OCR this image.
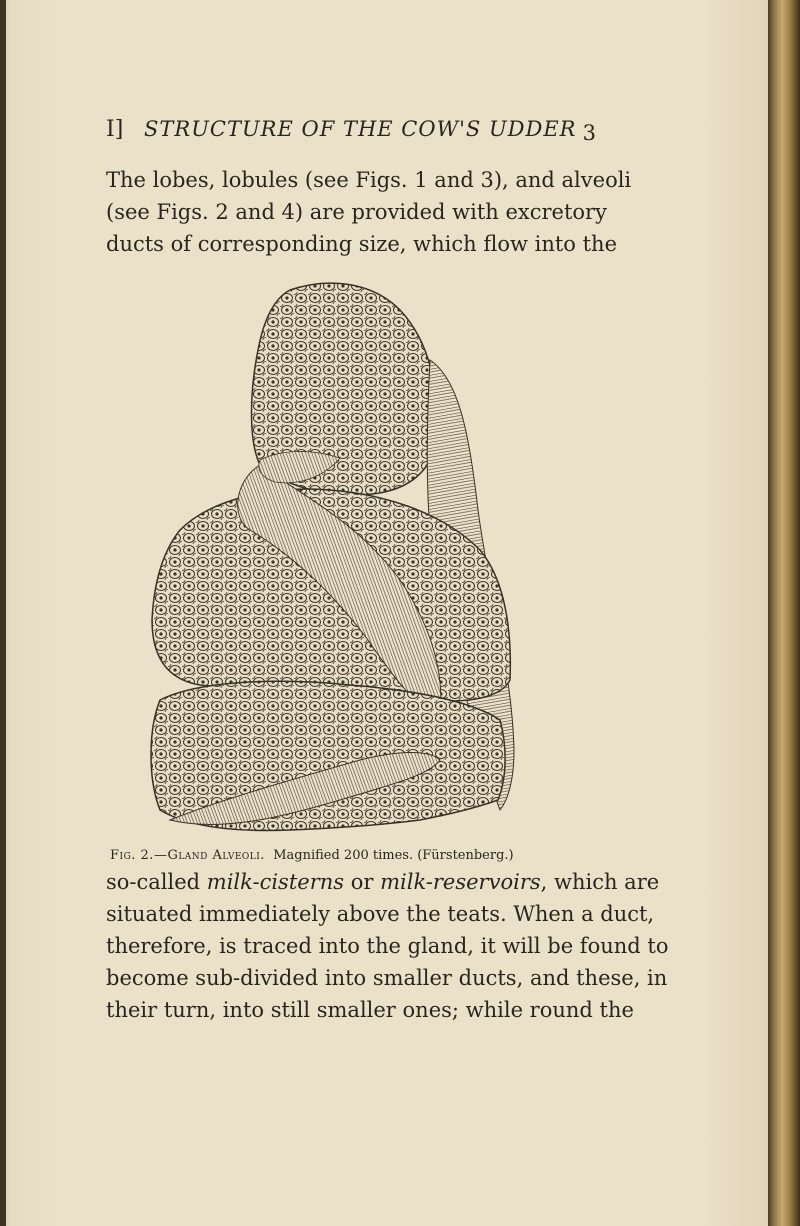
I] STRUCTURE OF THE COW'S UDDER 3
The lobes, lobules (see Figs. 1 and 3), and alveoli
(see Figs. 2 and 4) are provided with excretory
ducts of corresponding size, which flow into the
Fig. 2.—Gland Alveoli. Magnified 200 times. (Fürstenberg.)
so-called milk-cisterns or milk-reservoirs, which are
situated immediately above the teats. When a duct,
therefore, is traced into the gland, it will be found to
become sub-divided into smaller ducts, and these, in
their turn, into still smaller ones; while round the
